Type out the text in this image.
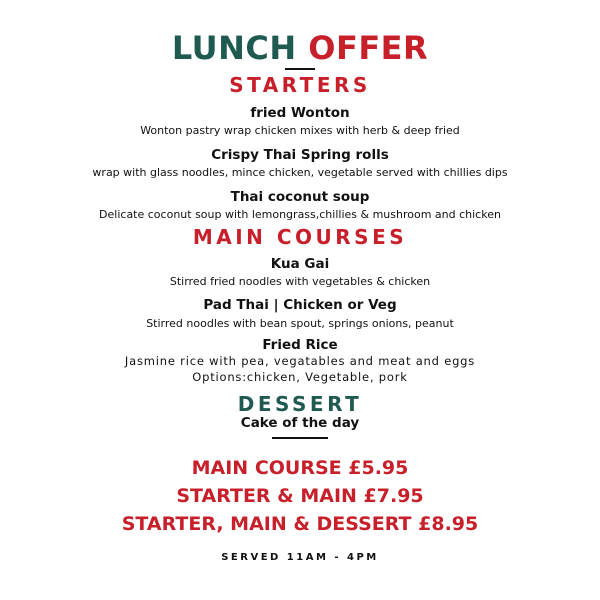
LUNCH OFFER
STARTERS
fried Wonton
Wonton pastry wrap chicken mixes with herb & deep fried
Crispy Thai Spring rolls
wrap with glass noodles, mince chicken, vegetable served with chillies dips
Thai coconut soup
Delicate coconut soup with lemongrass,chillies & mushroom and chicken
MAIN COURSES
Kua Gai
Stirred fried noodles with vegetables & chicken
Pad Thai | Chicken or Veg
Stirred noodles with bean spout, springs onions, peanut
Fried Rice
Jasmine rice with pea, vegatables and meat and eggs
Options:chicken, Vegetable, pork
DESSERT
Cake of the day
MAIN COURSE £5.95
STARTER & MAIN £7.95
STARTER, MAIN & DESSERT £8.95
SERVED 11AM - 4PM
